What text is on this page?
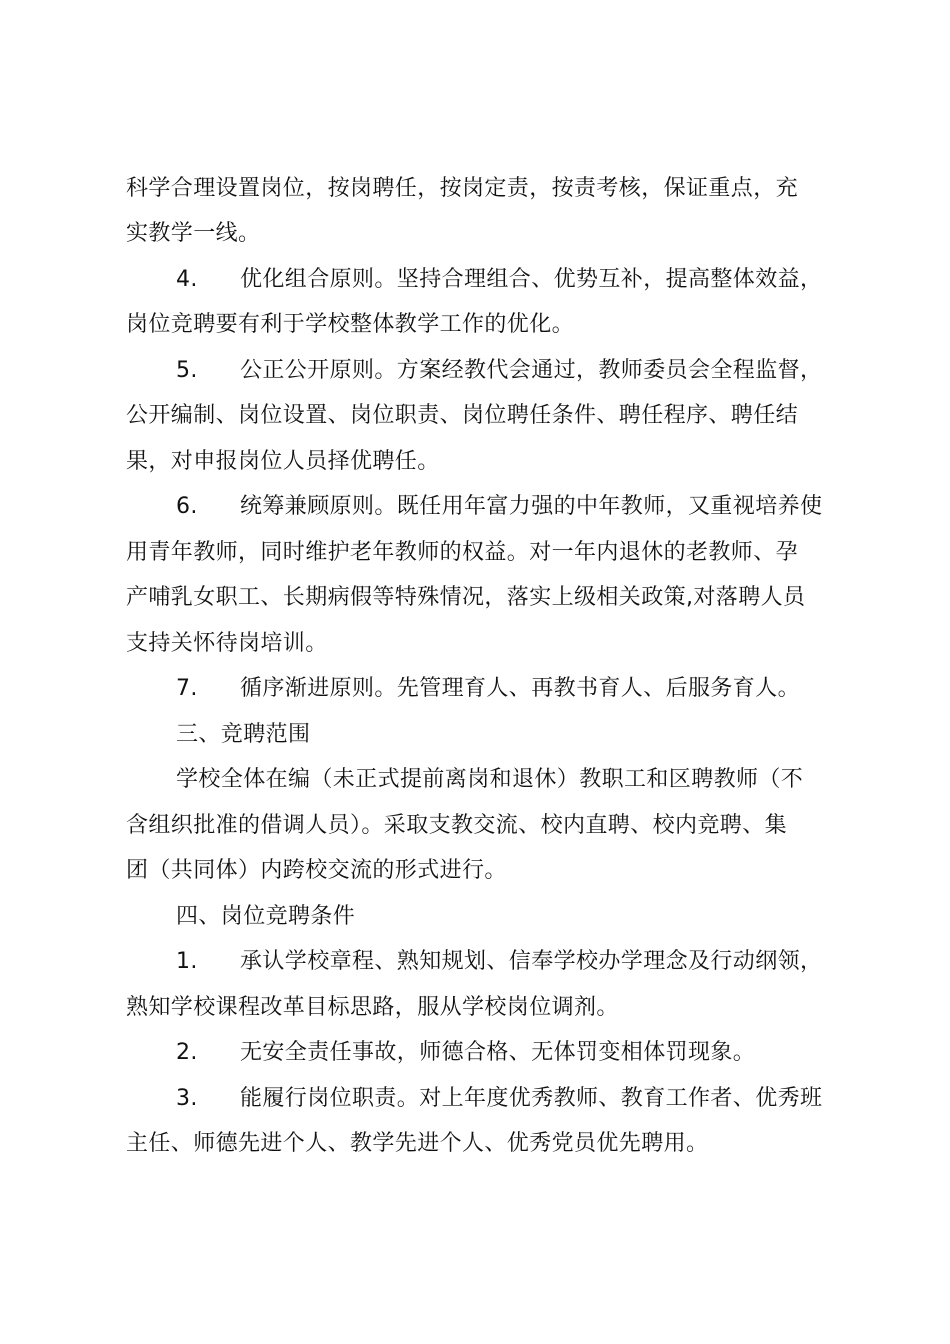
科学合理设置岗位，按岗聘任，按岗定责，按责考核，保证重点，充
实教学一线。
4. 优化组合原则。坚持合理组合、优势互补，提高整体效益，
岗位竞聘要有利于学校整体教学工作的优化。
5. 公正公开原则。方案经教代会通过，教师委员会全程监督，
公开编制、岗位设置、岗位职责、岗位聘任条件、聘任程序、聘任结
果，对申报岗位人员择优聘任。
6. 统筹兼顾原则。既任用年富力强的中年教师，又重视培养使
用青年教师，同时维护老年教师的权益。对一年内退休的老教师、孕
产哺乳女职工、长期病假等特殊情况，落实上级相关政策,对落聘人员
支持关怀待岗培训。
7. 循序渐进原则。先管理育人、再教书育人、后服务育人。
三、竞聘范围
学校全体在编（未正式提前离岗和退休）教职工和区聘教师（不
含组织批准的借调人员）。采取支教交流、校内直聘、校内竞聘、集
团（共同体）内跨校交流的形式进行。
四、岗位竞聘条件
1. 承认学校章程、熟知规划、信奉学校办学理念及行动纲领，
熟知学校课程改革目标思路，服从学校岗位调剂。
2. 无安全责任事故，师德合格、无体罚变相体罚现象。
3. 能履行岗位职责。对上年度优秀教师、教育工作者、优秀班
主任、师德先进个人、教学先进个人、优秀党员优先聘用。
